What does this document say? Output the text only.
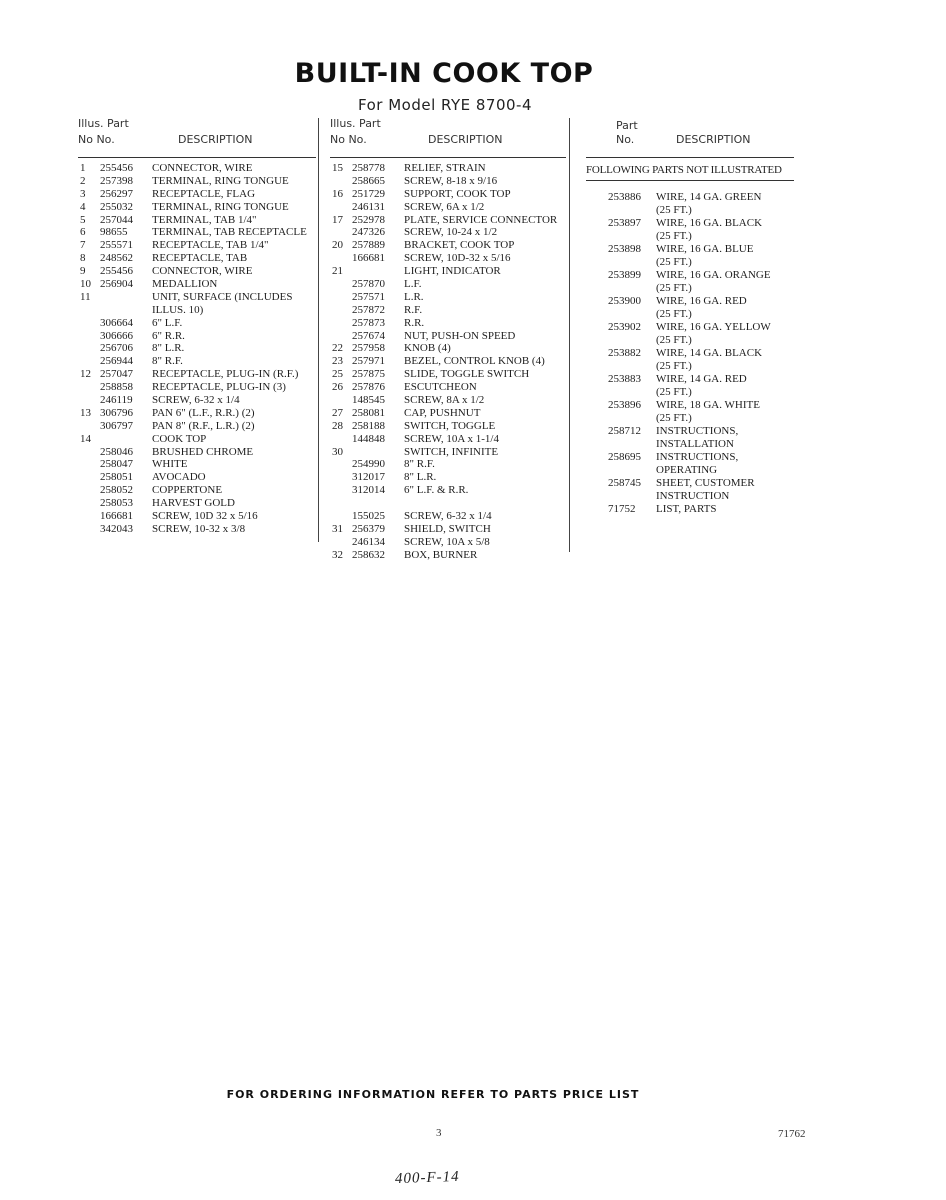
BUILT-IN COOK TOP
For Model RYE 8700-4
Illus. Part
No No.	DESCRIPTION
1 255456 CONNECTOR, WIRE
2 257398 TERMINAL, RING TONGUE
3 256297 RECEPTACLE, FLAG
4 255032 TERMINAL, RING TONGUE
5 257044 TERMINAL, TAB 1/4"
6 98655 TERMINAL, TAB RECEPTACLE
7 255571 RECEPTACLE, TAB 1/4"
8 248562 RECEPTACLE, TAB
9 255456 CONNECTOR, WIRE
10 256904 MEDALLION
11	UNIT, SURFACE (INCLUDES
ILLUS. 10)
306664 6" L.F.
306666 6" R.R.
256706 8" L.R.
256944 8" R.F.
12 257047 RECEPTACLE, PLUG-IN (R.F.)
258858 RECEPTACLE, PLUG-IN (3)
246119 SCREW, 6-32 x 1/4
13 306796 PAN 6" (L.F., R.R.) (2)
306797 PAN 8" (R.F., L.R.) (2)
14	COOK TOP
258046 BRUSHED CHROME
258047 WHITE
258051 AVOCADO
258052 COPPERTONE
258053 HARVEST GOLD
166681 SCREW, 10D 32 x 5/16
342043 SCREW, 10-32 x 3/8
Illus. Part
No No.	DESCRIPTION
15 258778 RELIEF, STRAIN
258665 SCREW, 8-18 x 9/16
16 251729 SUPPORT, COOK TOP
246131 SCREW, 6A x 1/2
17 252978 PLATE, SERVICE CONNECTOR
247326 SCREW, 10-24 x 1/2
20 257889 BRACKET, COOK TOP
166681 SCREW, 10D-32 x 5/16
21	LIGHT, INDICATOR
257870 L.F.
257571 L.R.
257872 R.F.
257873 R.R.
257674 NUT, PUSH-ON SPEED
22 257958 KNOB (4)
23 257971 BEZEL, CONTROL KNOB (4)
25 257875 SLIDE, TOGGLE SWITCH
26 257876 ESCUTCHEON
148545 SCREW, 8A x 1/2
27 258081 CAP, PUSHNUT
28 258188 SWITCH, TOGGLE
144848 SCREW, 10A x 1-1/4
30	SWITCH, INFINITE
254990 8" R.F.
312017 8" L.R.
312014 6" L.F. & R.R.
155025 SCREW, 6-32 x 1/4
31 256379 SHIELD, SWITCH
246134 SCREW, 10A x 5/8
32 258632 BOX, BURNER
Part
No.	DESCRIPTION
FOLLOWING PARTS NOT ILLUSTRATED
253886 WIRE, 14 GA. GREEN
(25 FT.)
253897 WIRE, 16 GA. BLACK
(25 FT.)
253898 WIRE, 16 GA. BLUE
(25 FT.)
253899 WIRE, 16 GA. ORANGE
(25 FT.)
253900 WIRE, 16 GA. RED
(25 FT.)
253902 WIRE, 16 GA. YELLOW
(25 FT.)
253882 WIRE, 14 GA. BLACK
(25 FT.)
253883 WIRE, 14 GA. RED
(25 FT.)
253896 WIRE, 18 GA. WHITE
(25 FT.)
258712 INSTRUCTIONS,
INSTALLATION
258695 INSTRUCTIONS,
OPERATING
258745 SHEET, CUSTOMER
INSTRUCTION
71752 LIST, PARTS
FOR ORDERING INFORMATION REFER TO PARTS PRICE LIST
3	71762
400-F-14
